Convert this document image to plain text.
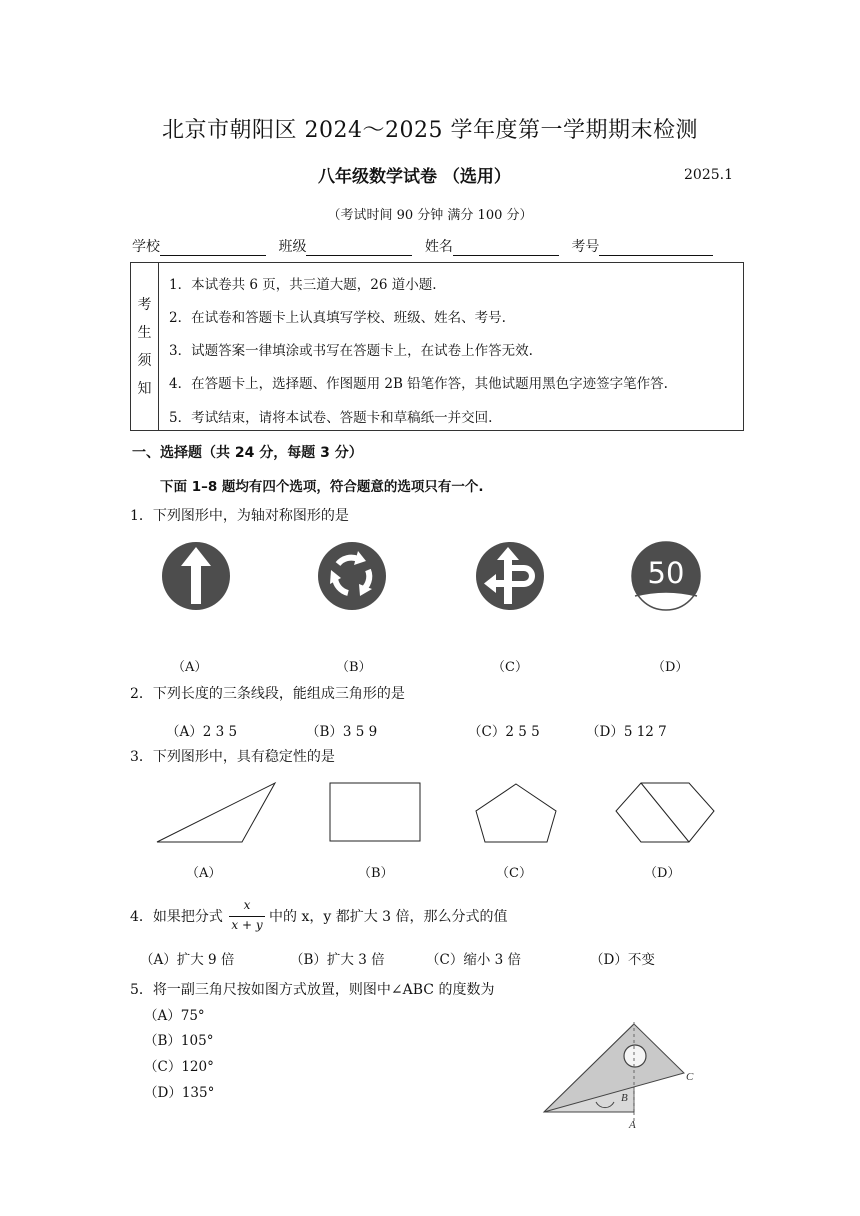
北京市朝阳区 2024～2025 学年度第一学期期末检测
八年级数学试卷 （选用）	2025.1
（考试时间 90 分钟 满分 100 分）
学校	班级	姓名	考号
考
生
须
知
1．本试卷共 6 页，共三道大题，26 道小题.
2．在试卷和答题卡上认真填写学校、班级、姓名、考号.
3．试题答案一律填涂或书写在答题卡上，在试卷上作答无效.
4．在答题卡上，选择题、作图题用 2B 铅笔作答，其他试题用黑色字迹签字笔作答.
5．考试结束，请将本试卷、答题卡和草稿纸一并交回.
一、选择题（共 24 分，每题 3 分）
下面 1–8 题均有四个选项，符合题意的选项只有一个.
1．下列图形中，为轴对称图形的是
50
（A）	（B）	（C）	（D）
2．下列长度的三条线段，能组成三角形的是
（A）2 3 5	（B）3 5 9	（C）2 5 5	（D）5 12 7
3．下列图形中，具有稳定性的是
（A）	（B）	（C）	（D）
4．如果把分式
x
x + y 中的 x，y 都扩大 3 倍，那么分式的值
（A）扩大 9 倍	（B）扩大 3 倍	（C）缩小 3 倍	（D）不变
5．将一副三角尺按如图方式放置，则图中∠ABC 的度数为
（A）75°
（B）105°
（C）120°
（D）135°	B
C
A
